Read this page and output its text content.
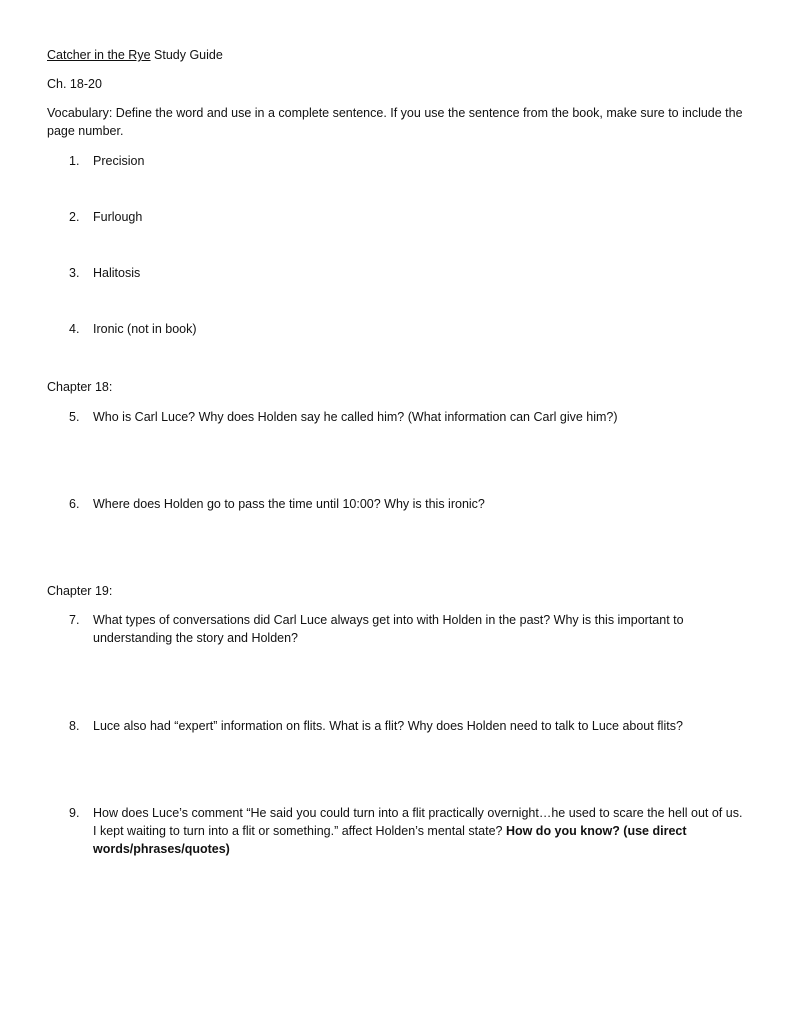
Catcher in the Rye Study Guide
Ch. 18-20
Vocabulary: Define the word and use in a complete sentence. If you use the sentence from the book, make sure to include the page number.
1.	Precision
2.	Furlough
3.	Halitosis
4.	Ironic (not in book)
Chapter 18:
5.	Who is Carl Luce? Why does Holden say he called him? (What information can Carl give him?)
6.	Where does Holden go to pass the time until 10:00? Why is this ironic?
Chapter 19:
7.	What types of conversations did Carl Luce always get into with Holden in the past? Why is this important to understanding the story and Holden?
8.	Luce also had “expert” information on flits. What is a flit? Why does Holden need to talk to Luce about flits?
9.	How does Luce’s comment “He said you could turn into a flit practically overnight…he used to scare the hell out of us. I kept waiting to turn into a flit or something.” affect Holden’s mental state? How do you know? (use direct words/phrases/quotes)
